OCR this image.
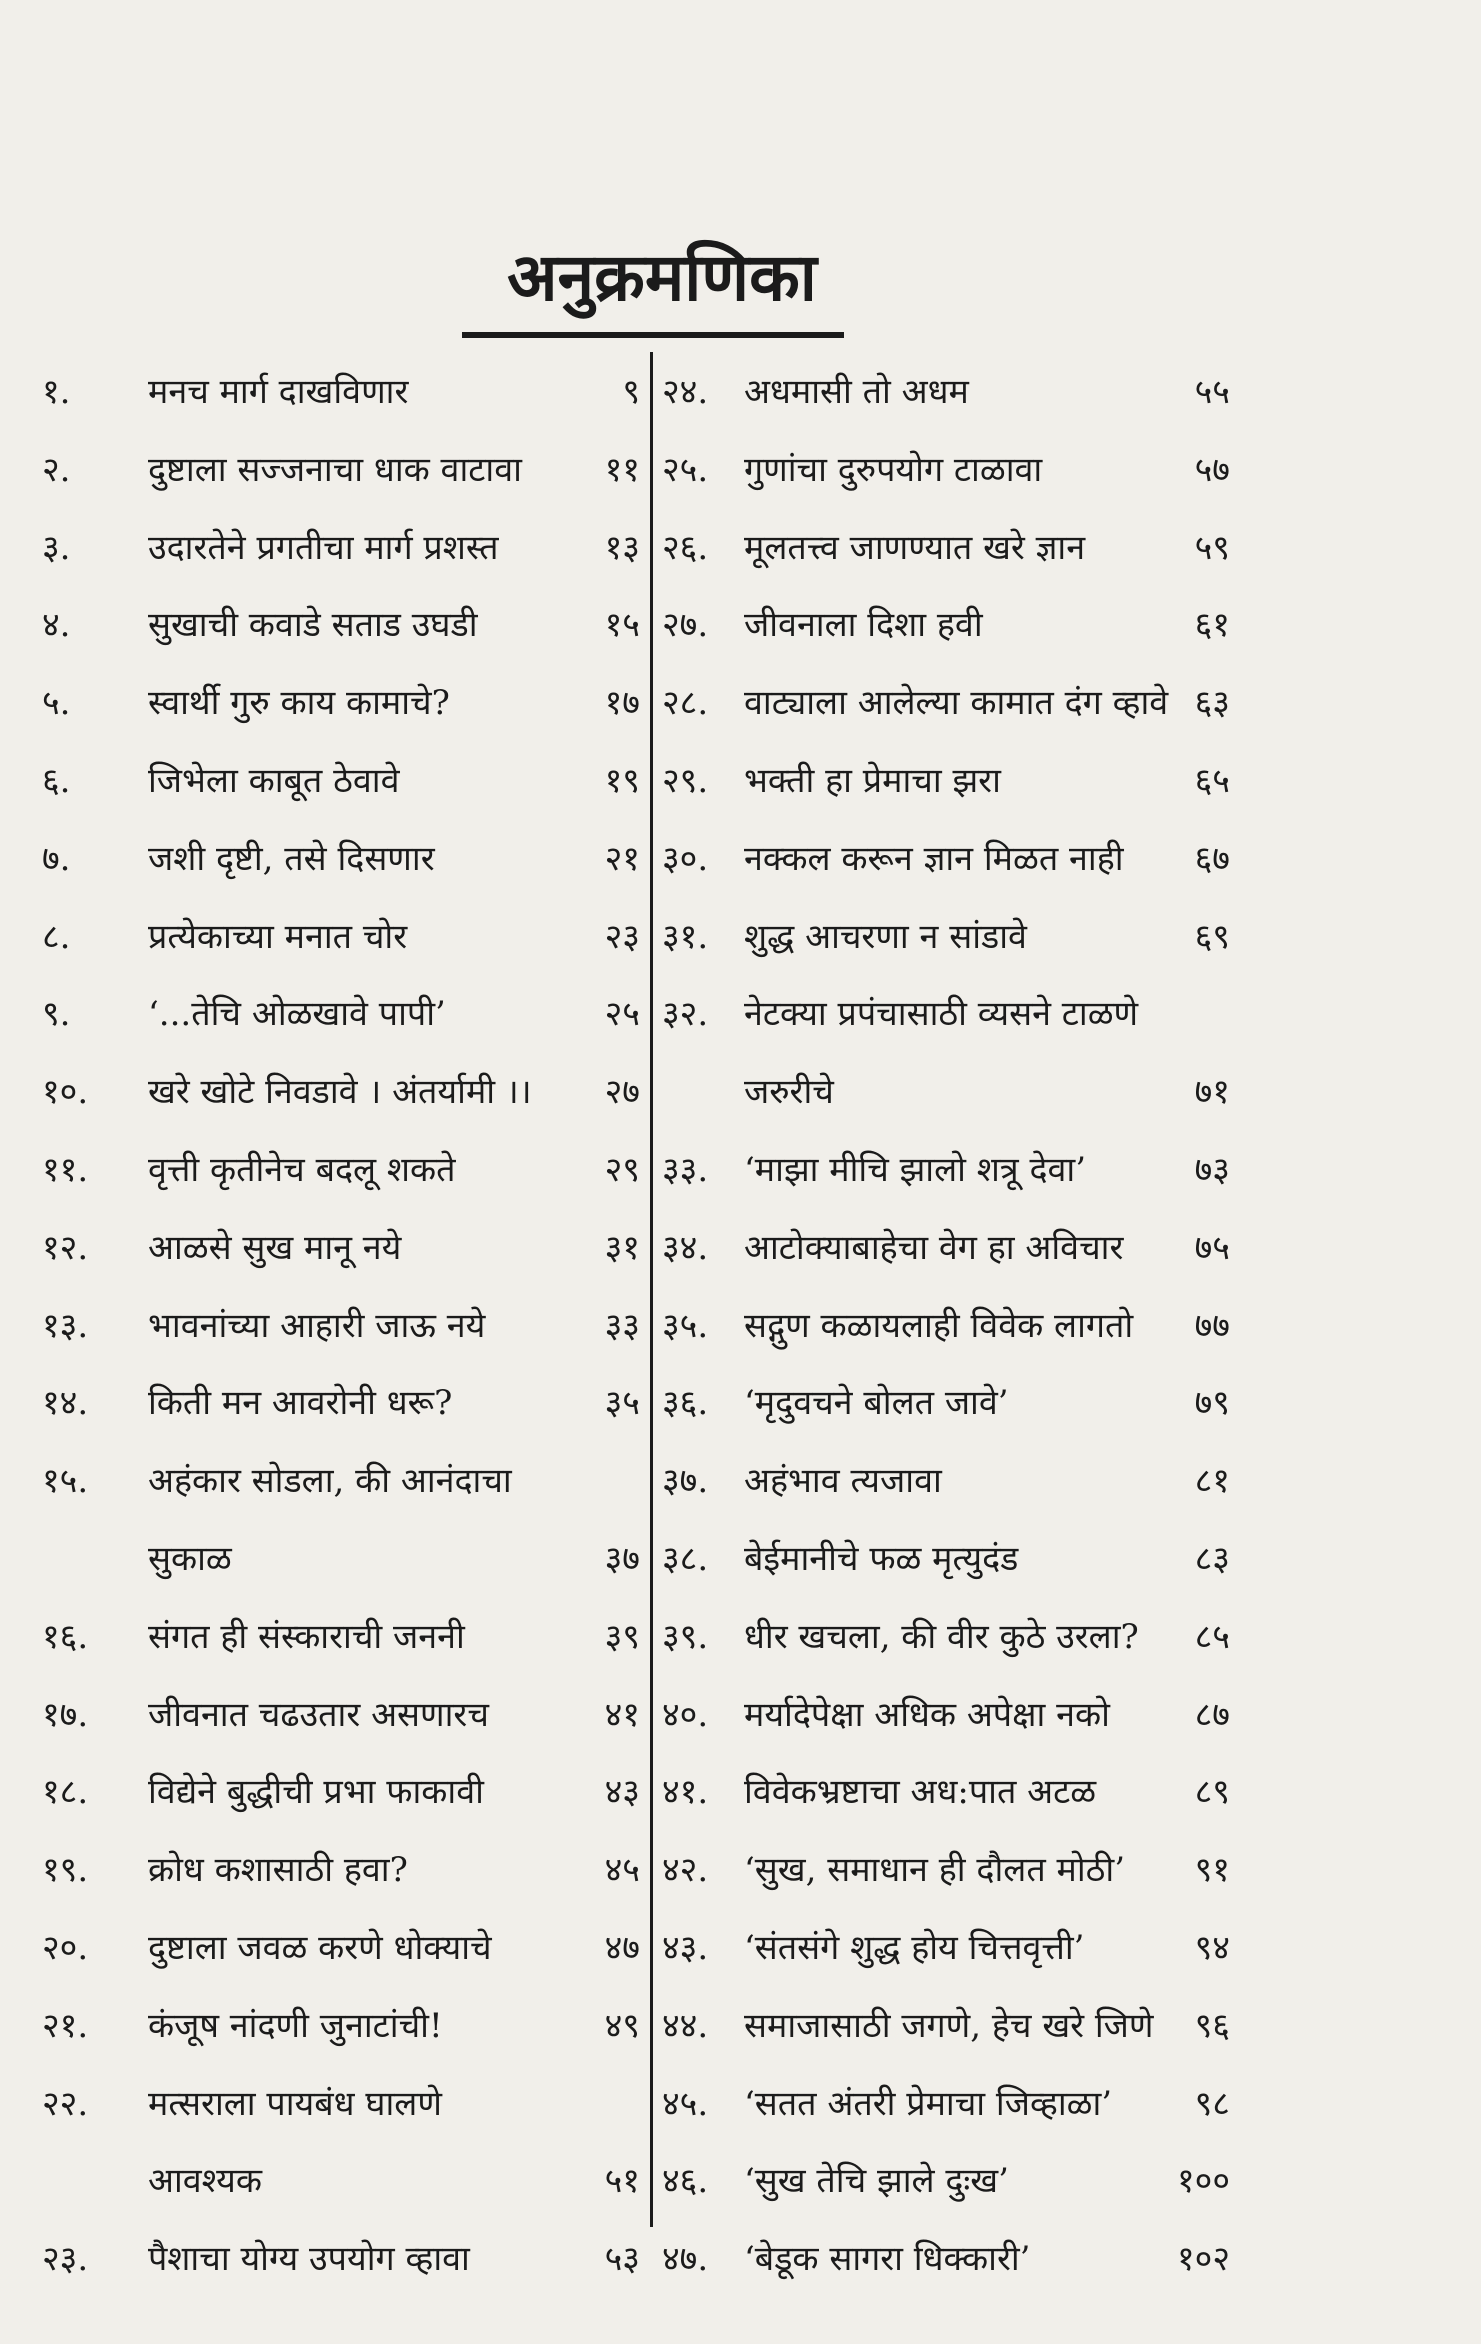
अनुक्रमणिका
१. मनच मार्ग दाखविणार	९
२. दुष्टाला सज्जनाचा धाक वाटावा	११
३. उदारतेने प्रगतीचा मार्ग प्रशस्त	१३
४. सुखाची कवाडे सताड उघडी	१५
५. स्वार्थी गुरु काय कामाचे?	१७
६. जिभेला काबूत ठेवावे	१९
७. जशी दृष्टी, तसे दिसणार	२१
८. प्रत्येकाच्या मनात चोर	२३
९. ‘...तेचि ओळखावे पापी’	२५
१०. खरे खोटे निवडावे । अंतर्यामी ।।	२७
११. वृत्ती कृतीनेच बदलू शकते	२९
१२. आळसे सुख मानू नये	३१
१३. भावनांच्या आहारी जाऊ नये	३३
१४. किती मन आवरोनी धरू?	३५
१५. अहंकार सोडला, की आनंदाचा
सुकाळ	३७
१६. संगत ही संस्काराची जननी	३९
१७. जीवनात चढउतार असणारच	४१
१८. विद्येने बुद्धीची प्रभा फाकावी	४३
१९. क्रोध कशासाठी हवा?	४५
२०. दुष्टाला जवळ करणे धोक्याचे	४७
२१. कंजूष नांदणी जुनाटांची!	४९
२२. मत्सराला पायबंध घालणे
आवश्यक	५१
२३. पैशाचा योग्य उपयोग व्हावा	५३
२४. अधमासी तो अधम	५५
२५. गुणांचा दुरुपयोग टाळावा	५७
२६. मूलतत्त्व जाणण्यात खरे ज्ञान	५९
२७. जीवनाला दिशा हवी	६१
२८. वाट्याला आलेल्या कामात दंग व्हावे ६३
२९. भक्ती हा प्रेमाचा झरा	६५
३०. नक्कल करून ज्ञान मिळत नाही	६७
३१. शुद्ध आचरणा न सांडावे	६९
३२. नेटक्या प्रपंचासाठी व्यसने टाळणे
जरुरीचे	७१
३३. ‘माझा मीचि झालो शत्रू देवा’	७३
३४. आटोक्याबाहेचा वेग हा अविचार	७५
३५. सद्गुण कळायलाही विवेक लागतो	७७
३६. ‘मृदुवचने बोलत जावे’	७९
३७. अहंभाव त्यजावा	८१
३८. बेईमानीचे फळ मृत्युदंड	८३
३९. धीर खचला, की वीर कुठे उरला?	८५
४०. मर्यादेपेक्षा अधिक अपेक्षा नको	८७
४१. विवेकभ्रष्टाचा अध:पात अटळ	८९
४२. ‘सुख, समाधान ही दौलत मोठी’	९१
४३. ‘संतसंगे शुद्ध होय चित्तवृत्ती’	९४
४४. समाजासाठी जगणे, हेच खरे जिणे	९६
४५. ‘सतत अंतरी प्रेमाचा जिव्हाळा’	९८
४६. ‘सुख तेचि झाले दुःख’	१००
४७. ‘बेडूक सागरा धिक्कारी’	१०२
